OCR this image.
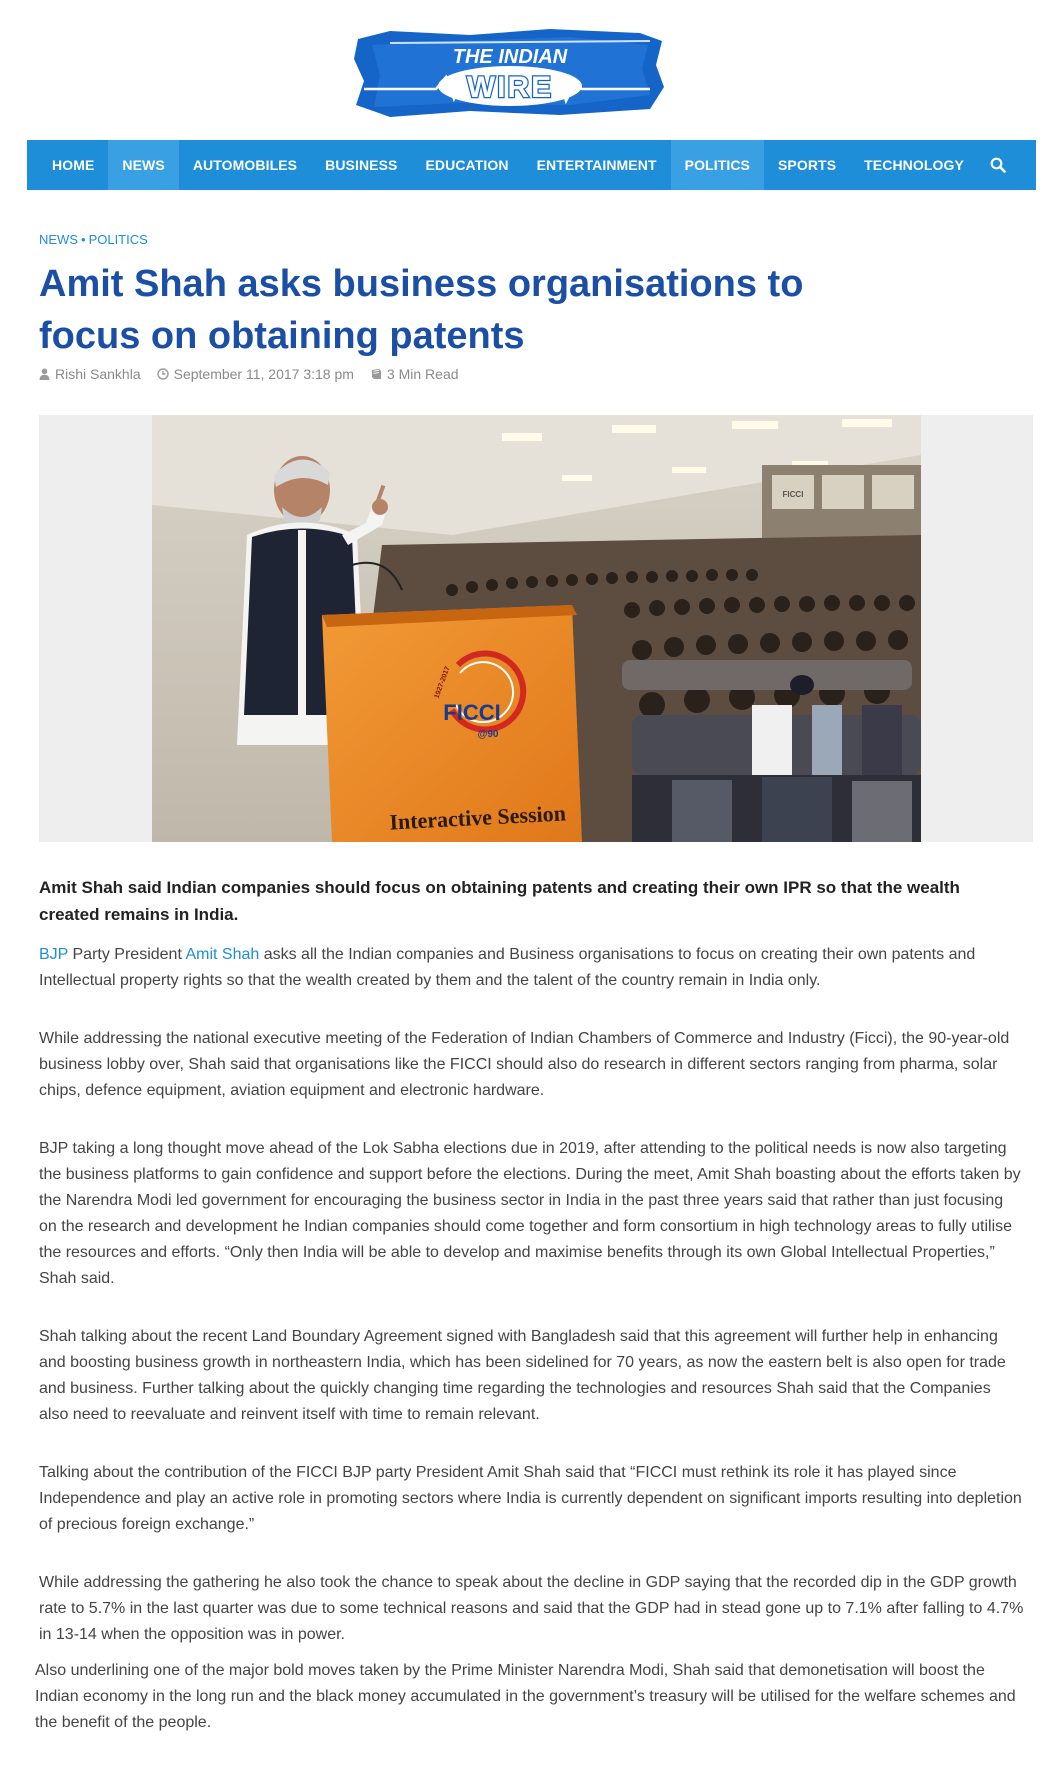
THE INDIAN
WIRE
HOME	NEWS	AUTOMOBILES	BUSINESS	EDUCATION	ENTERTAINMENT	POLITICS	SPORTS	TECHNOLOGY
NEWS • POLITICS
Amit Shah asks business organisations to focus on obtaining patents
Rishi Sankhla September 11, 2017 3:18 pm 3 Min Read
FICCI
FICCI
@90
1927-2017
Interactive Session

Amit Shah said Indian companies should focus on obtaining patents and creating their own IPR so that the wealth created remains in India.

BJP Party President Amit Shah asks all the Indian companies and Business organisations to focus on creating their own patents and Intellectual property rights so that the wealth created by them and the talent of the country remain in India only.

While addressing the national executive meeting of the Federation of Indian Chambers of Commerce and Industry (Ficci), the 90-year-old business lobby over, Shah said that organisations like the FICCI should also do research in different sectors ranging from pharma, solar chips, defence equipment, aviation equipment and electronic hardware.

BJP taking a long thought move ahead of the Lok Sabha elections due in 2019, after attending to the political needs is now also targeting the business platforms to gain confidence and support before the elections. During the meet, Amit Shah boasting about the efforts taken by the Narendra Modi led government for encouraging the business sector in India in the past three years said that rather than just focusing on the research and development he Indian companies should come together and form consortium in high technology areas to fully utilise the resources and efforts. “Only then India will be able to develop and maximise benefits through its own Global Intellectual Properties,” Shah said.

Shah talking about the recent Land Boundary Agreement signed with Bangladesh said that this agreement will further help in enhancing and boosting business growth in northeastern India, which has been sidelined for 70 years, as now the eastern belt is also open for trade and business. Further talking about the quickly changing time regarding the technologies and resources Shah said that the Companies also need to reevaluate and reinvent itself with time to remain relevant.

Talking about the contribution of the FICCI BJP party President Amit Shah said that “FICCI must rethink its role it has played since Independence and play an active role in promoting sectors where India is currently dependent on significant imports resulting into depletion of precious foreign exchange.”

While addressing the gathering he also took the chance to speak about the decline in GDP saying that the recorded dip in the GDP growth rate to 5.7% in the last quarter was due to some technical reasons and said that the GDP had in stead gone up to 7.1% after falling to 4.7% in 13-14 when the opposition was in power.

Also underlining one of the major bold moves taken by the Prime Minister Narendra Modi, Shah said that demonetisation will boost the Indian economy in the long run and the black money accumulated in the government’s treasury will be utilised for the welfare schemes and the benefit of the people.
